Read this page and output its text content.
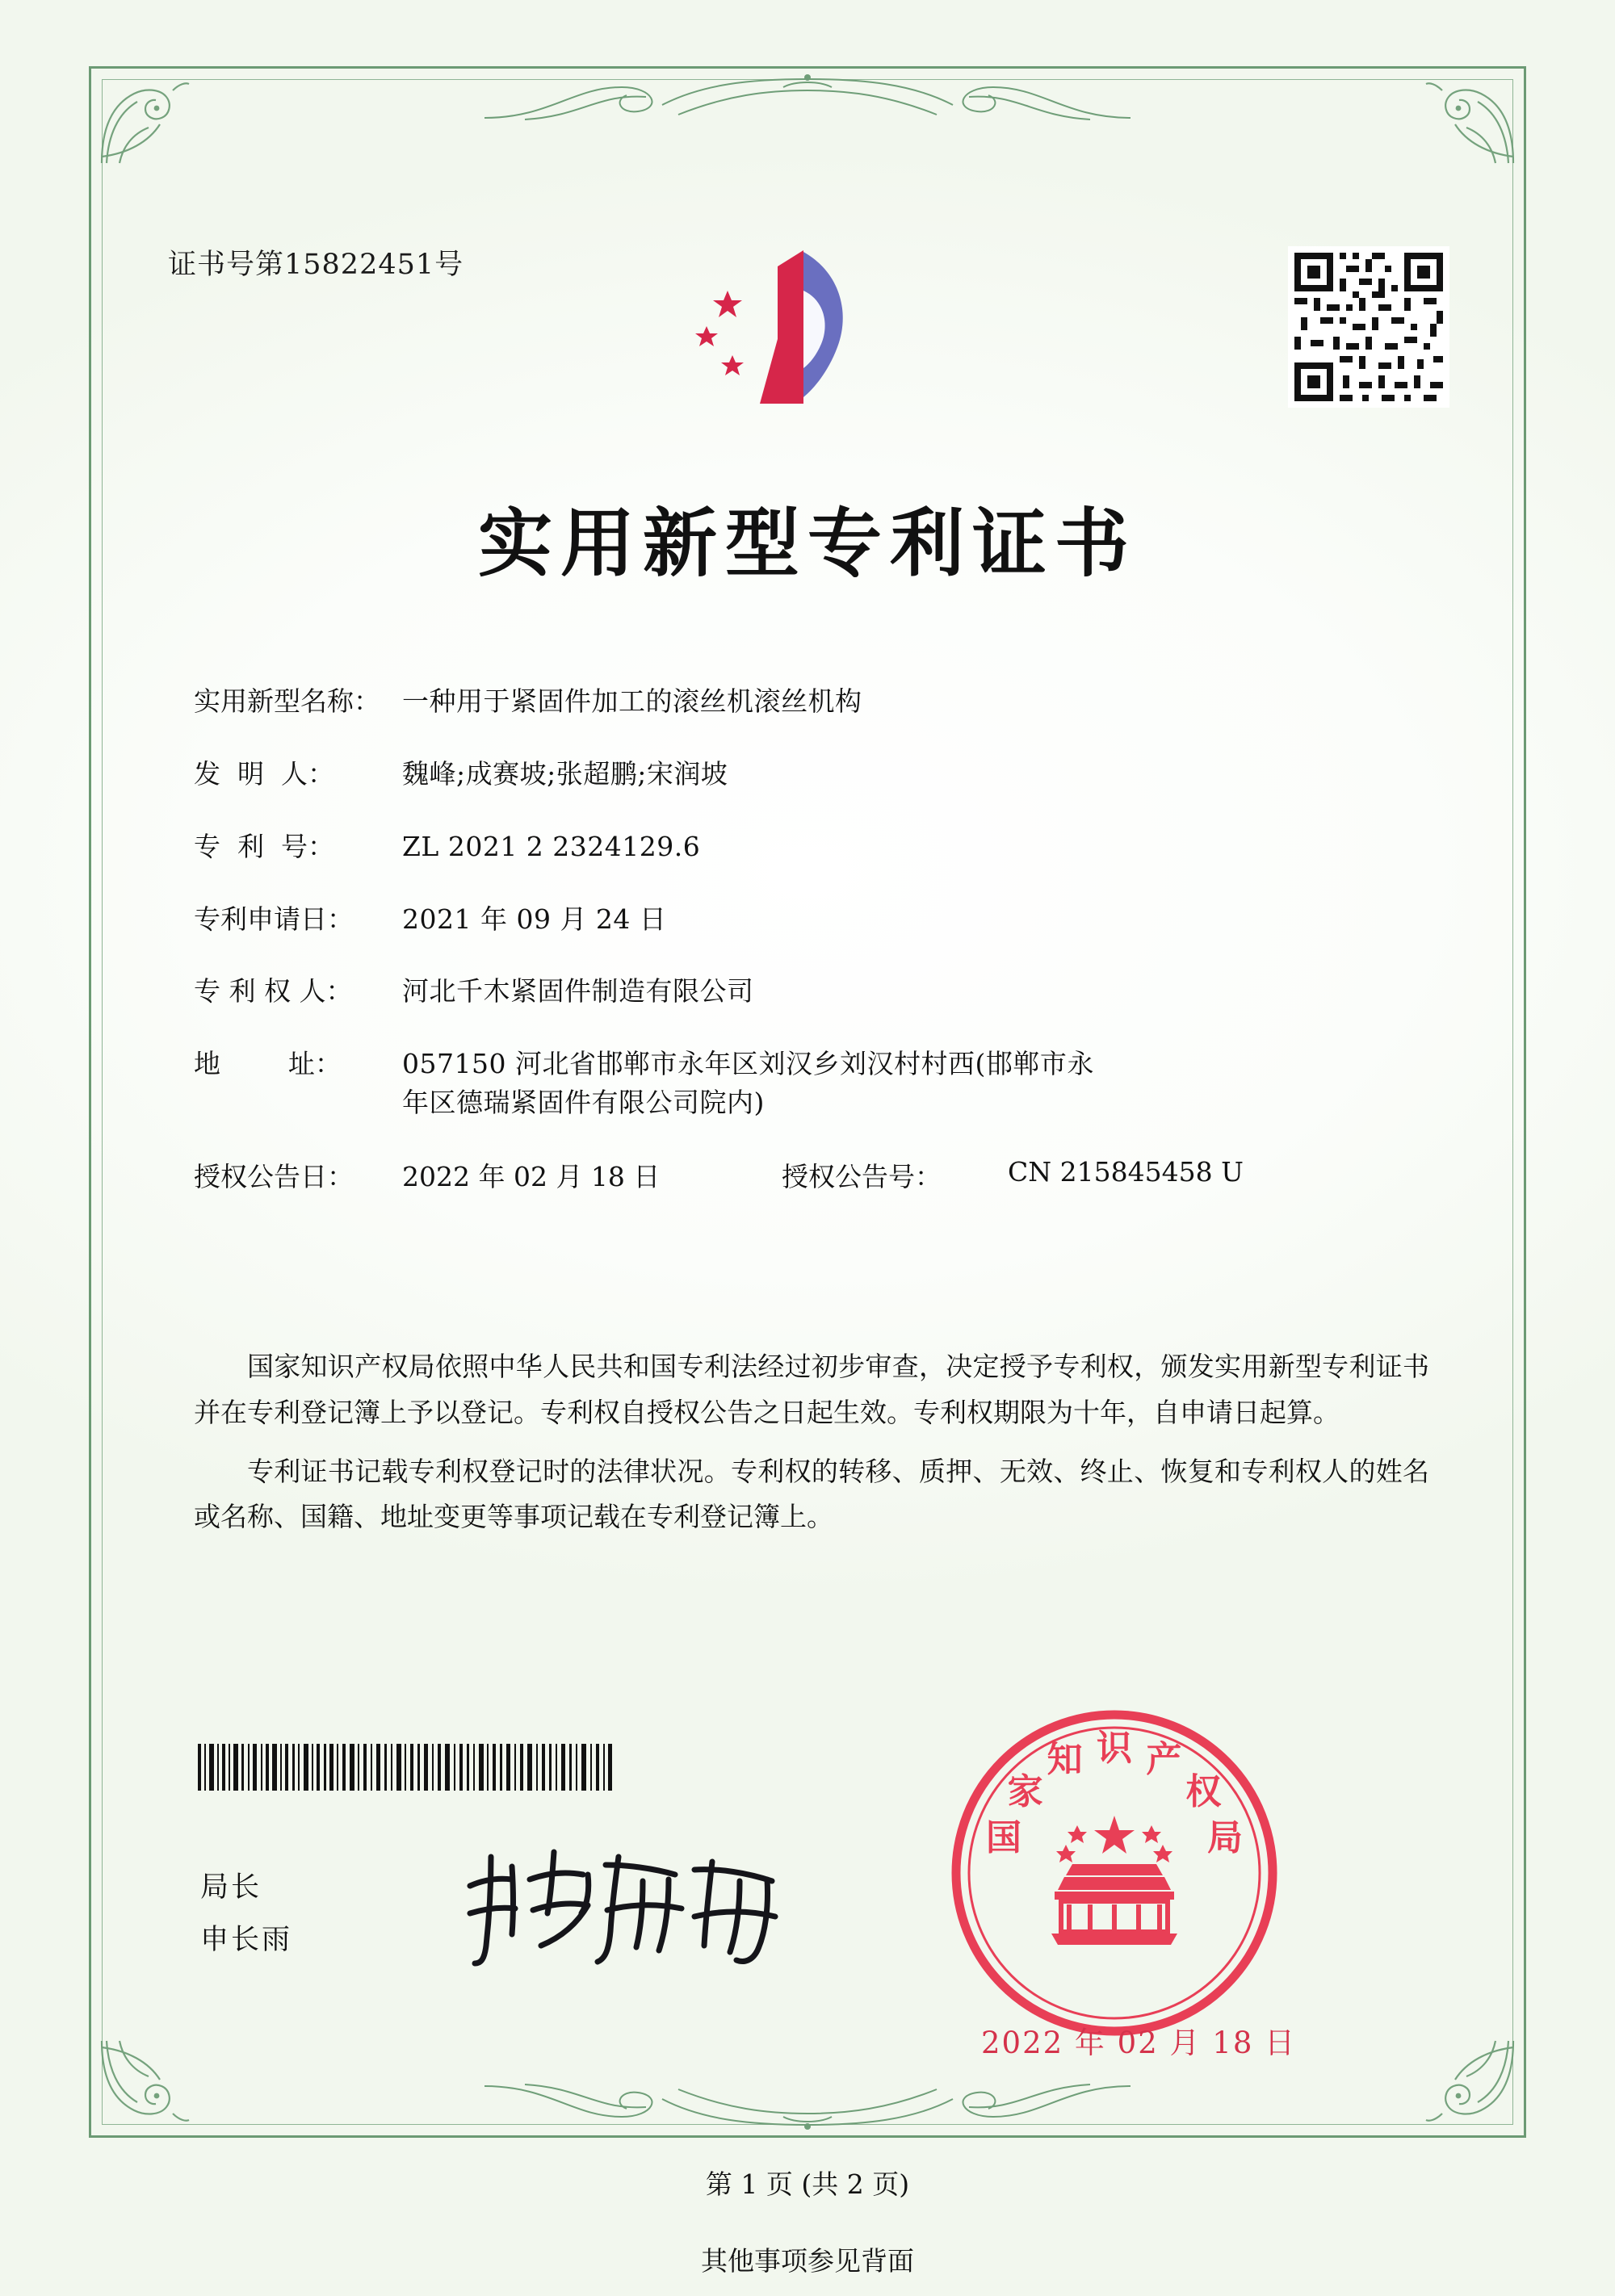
证书号第15822451号
实用新型专利证书
实用新型名称： 一种用于紧固件加工的滚丝机滚丝机构
发  明  人：	魏峰;成赛坡;张超鹏;宋润坡
专  利  号：	ZL 2021 2 2324129.6
专利申请日：	2021 年 09 月 24 日
专 利 权 人：	河北千木紧固件制造有限公司
地        址：	057150 河北省邯郸市永年区刘汉乡刘汉村村西(邯郸市永
年区德瑞紧固件有限公司院内)
授权公告日：	2022 年 02 月 18 日	授权公告号：	CN 215845458 U

国家知识产权局依照中华人民共和国专利法经过初步审查，决定授予专利权，颁发实用新型专利证书并在专利登记簿上予以登记。专利权自授权公告之日起生效。专利权期限为十年，自申请日起算。

专利证书记载专利权登记时的法律状况。专利权的转移、质押、无效、终止、恢复和专利权人的姓名或名称、国籍、地址变更等事项记载在专利登记簿上。

局长
申长雨
国
家
知 识 产
权
局
2022 年 02 月 18 日
第 1 页 (共 2 页)
其他事项参见背面
